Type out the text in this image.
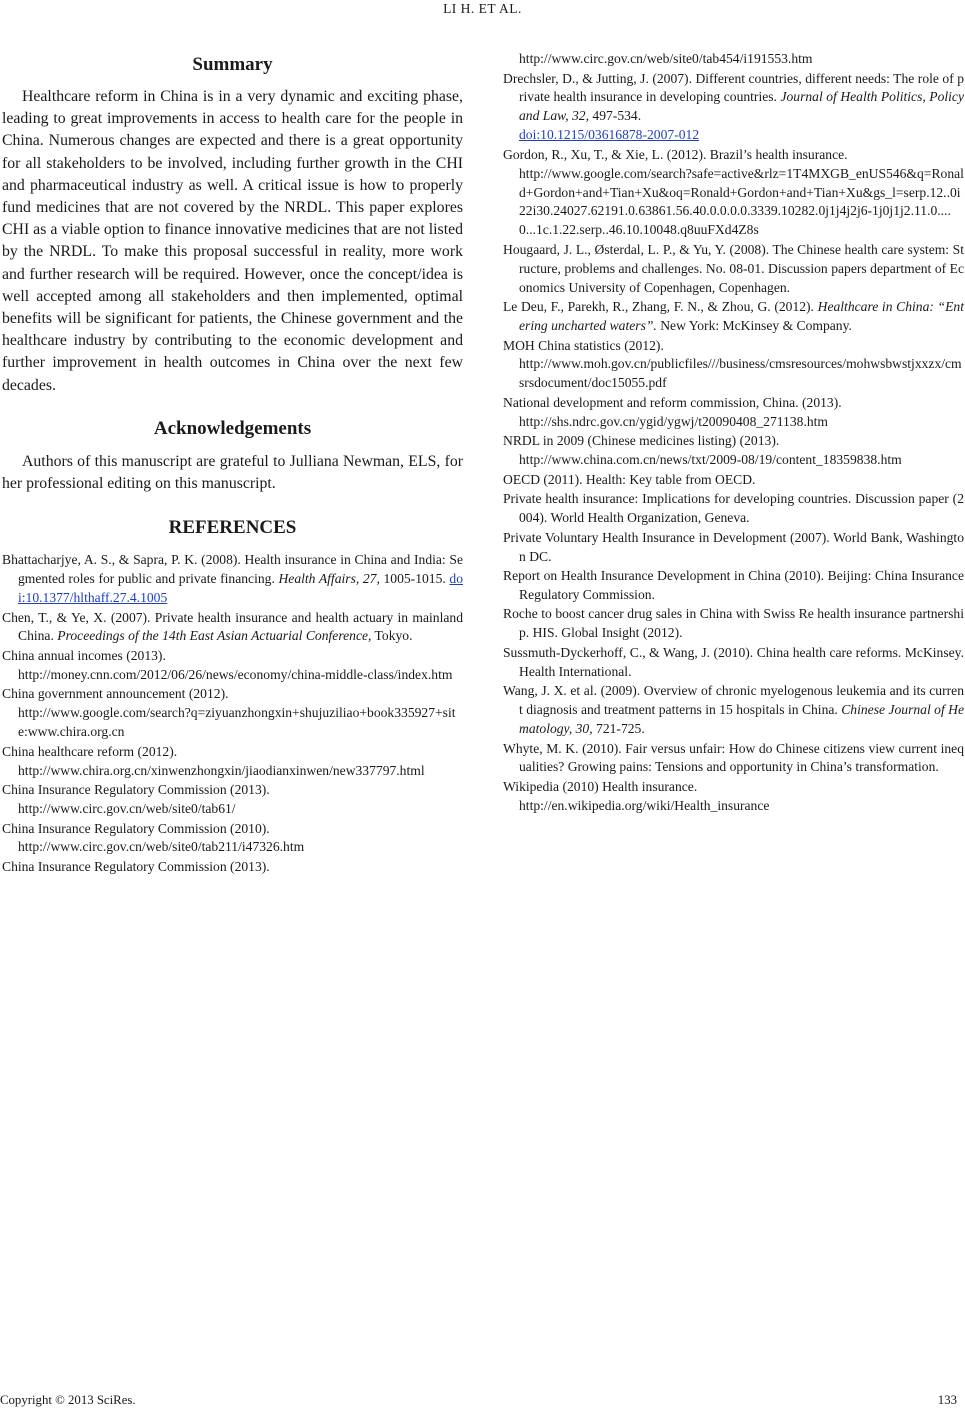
LI H. ET AL.
Summary

Healthcare reform in China is in a very dynamic and exciting phase, leading to great improvements in access to health care for the people in China. Numerous changes are expected and there is a great opportunity for all stakeholders to be involved, including further growth in the CHI and pharmaceutical industry as well. A critical issue is how to properly fund medicines that are not covered by the NRDL. This paper explores CHI as a viable option to finance innovative medicines that are not listed by the NRDL. To make this proposal successful in reality, more work and further research will be required. However, once the concept/idea is well accepted among all stakeholders and then implemented, optimal benefits will be significant for patients, the Chinese government and the healthcare industry by contributing to the economic development and further improvement in health outcomes in China over the next few decades.

Acknowledgements

Authors of this manuscript are grateful to Julliana Newman, ELS, for her professional editing on this manuscript.

REFERENCES
Bhattacharjye, A. S., & Sapra, P. K. (2008). Health insurance in China and India: Segmented roles for public and private financing. Health Affairs, 27, 1005-1015. doi:10.1377/hlthaff.27.4.1005
Chen, T., & Ye, X. (2007). Private health insurance and health actuary in mainland China. Proceedings of the 14th East Asian Actuarial Conference, Tokyo.
China annual incomes (2013).
http://money.cnn.com/2012/06/26/news/economy/china-middle-class/index.htm
China government announcement (2012).
http://www.google.com/search?q=ziyuanzhongxin+shujuziliao+book335927+site:www.chira.org.cn
China healthcare reform (2012).
http://www.chira.org.cn/xinwenzhongxin/jiaodianxinwen/new337797.html
China Insurance Regulatory Commission (2013).
http://www.circ.gov.cn/web/site0/tab61/
China Insurance Regulatory Commission (2010).
http://www.circ.gov.cn/web/site0/tab211/i47326.htm
China Insurance Regulatory Commission (2013).
http://www.circ.gov.cn/web/site0/tab454/i191553.htm
Drechsler, D., & Jutting, J. (2007). Different countries, different needs: The role of private health insurance in developing countries. Journal of Health Politics, Policy and Law, 32, 497-534.
doi:10.1215/03616878-2007-012
Gordon, R., Xu, T., & Xie, L. (2012). Brazil’s health insurance.
http://www.google.com/search?safe=active&rlz=1T4MXGB_enUS546&q=Ronald+Gordon+and+Tian+Xu&oq=Ronald+Gordon+and+Tian+Xu&gs_l=serp.12..0i22i30.24027.62191.0.63861.56.40.0.0.0.0.3339.10282.0j1j4j2j6-1j0j1j2.11.0....0...1c.1.22.serp..46.10.10048.q8uuFXd4Z8s
Hougaard, J. L., Østerdal, L. P., & Yu, Y. (2008). The Chinese health care system: Structure, problems and challenges. No. 08-01. Discussion papers department of Economics University of Copenhagen, Copenhagen.
Le Deu, F., Parekh, R., Zhang, F. N., & Zhou, G. (2012). Healthcare in China: “Entering uncharted waters”. New York: McKinsey & Company.
MOH China statistics (2012).
http://www.moh.gov.cn/publicfiles///business/cmsresources/mohwsbwstjxxzx/cmsrsdocument/doc15055.pdf
National development and reform commission, China. (2013).
http://shs.ndrc.gov.cn/ygid/ygwj/t20090408_271138.htm
NRDL in 2009 (Chinese medicines listing) (2013).
http://www.china.com.cn/news/txt/2009-08/19/content_18359838.htm
OECD (2011). Health: Key table from OECD.
Private health insurance: Implications for developing countries. Discussion paper (2004). World Health Organization, Geneva.
Private Voluntary Health Insurance in Development (2007). World Bank, Washington DC.
Report on Health Insurance Development in China (2010). Beijing: China Insurance Regulatory Commission.
Roche to boost cancer drug sales in China with Swiss Re health insurance partnership. HIS. Global Insight (2012).
Sussmuth-Dyckerhoff, C., & Wang, J. (2010). China health care reforms. McKinsey. Health International.
Wang, J. X. et al. (2009). Overview of chronic myelogenous leukemia and its current diagnosis and treatment patterns in 15 hospitals in China. Chinese Journal of Hematology, 30, 721-725.
Whyte, M. K. (2010). Fair versus unfair: How do Chinese citizens view current inequalities? Growing pains: Tensions and opportunity in China’s transformation.
Wikipedia (2010) Health insurance.
http://en.wikipedia.org/wiki/Health_insurance
Copyright © 2013 SciRes.	133
